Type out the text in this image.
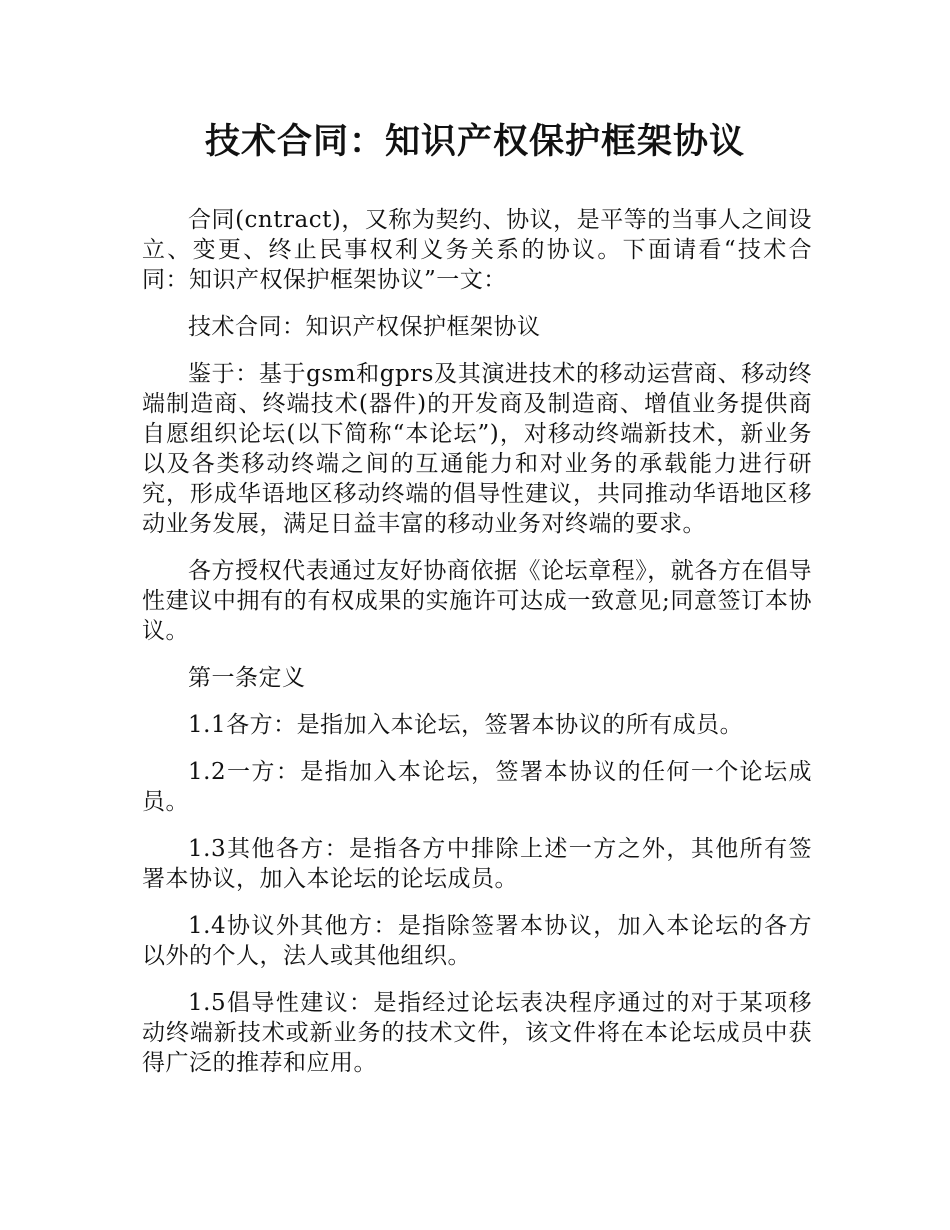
技术合同：知识产权保护框架协议

合同(cntract)，又称为契约、协议，是平等的当事人之间设立、变更、终止民事权利义务关系的协议。下面请看“技术合同：知识产权保护框架协议”一文：

技术合同：知识产权保护框架协议

鉴于：基于gsm和gprs及其演进技术的移动运营商、移动终端制造商、终端技术(器件)的开发商及制造商、增值业务提供商自愿组织论坛(以下简称“本论坛”)，对移动终端新技术，新业务以及各类移动终端之间的互通能力和对业务的承载能力进行研究，形成华语地区移动终端的倡导性建议，共同推动华语地区移动业务发展，满足日益丰富的移动业务对终端的要求。

各方授权代表通过友好协商依据《论坛章程》，就各方在倡导性建议中拥有的有权成果的实施许可达成一致意见;同意签订本协议。

第一条定义

1.1各方：是指加入本论坛，签署本协议的所有成员。

1.2一方：是指加入本论坛，签署本协议的任何一个论坛成员。

1.3其他各方：是指各方中排除上述一方之外，其他所有签署本协议，加入本论坛的论坛成员。

1.4协议外其他方：是指除签署本协议，加入本论坛的各方以外的个人，法人或其他组织。

1.5倡导性建议：是指经过论坛表决程序通过的对于某项移动终端新技术或新业务的技术文件，该文件将在本论坛成员中获得广泛的推荐和应用。
